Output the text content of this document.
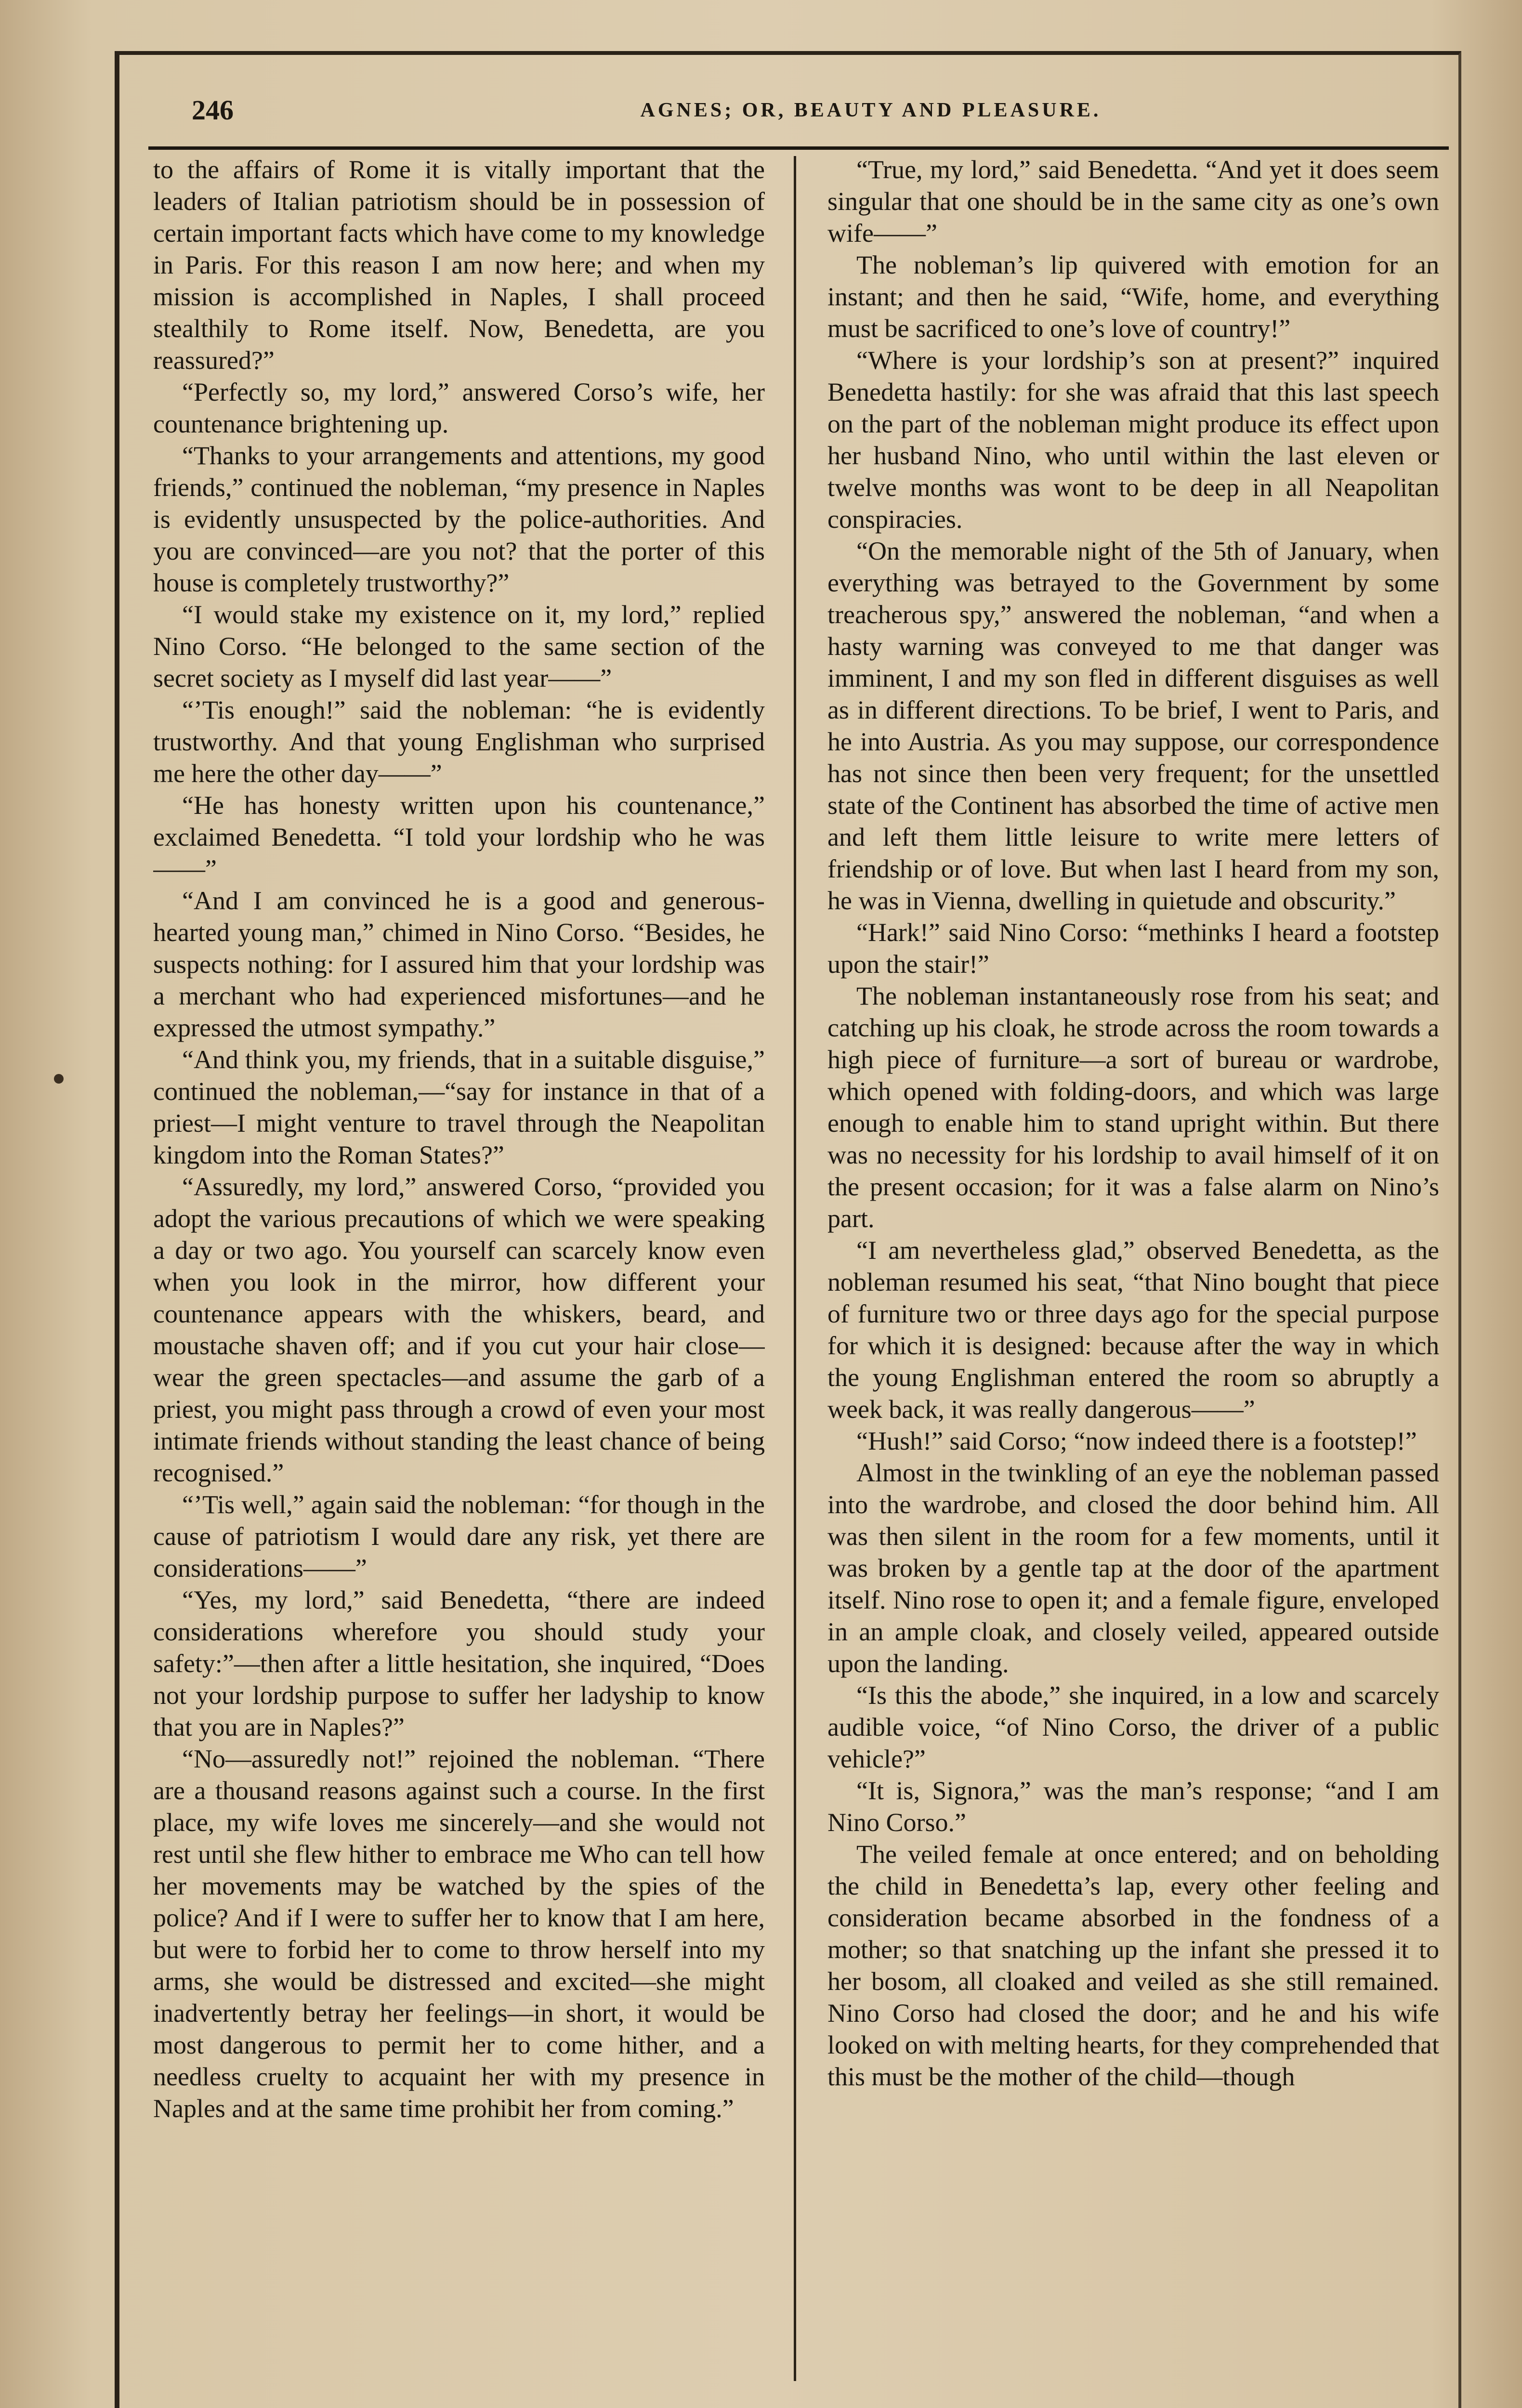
246	AGNES; OR, BEAUTY AND PLEASURE.

to the affairs of Rome it is vitally important that the leaders of Italian patriotism should be in possession of certain important facts which have come to my knowledge in Paris. For this reason I am now here; and when my mission is accomplished in Naples, I shall proceed stealthily to Rome itself. Now, Benedetta, are you reassured?”

“Perfectly so, my lord,” answered Corso’s wife, her countenance brightening up.

“Thanks to your arrangements and attentions, my good friends,” continued the nobleman, “my presence in Naples is evidently unsuspected by the police-authorities. And you are convinced—are you not? that the porter of this house is completely trustworthy?”

“I would stake my existence on it, my lord,” replied Nino Corso. “He belonged to the same section of the secret society as I myself did last year——”

“’Tis enough!” said the nobleman: “he is evidently trustworthy. And that young Englishman who surprised me here the other day——”

“He has honesty written upon his countenance,” exclaimed Benedetta. “I told your lordship who he was——”

“And I am convinced he is a good and generous-hearted young man,” chimed in Nino Corso. “Besides, he suspects nothing: for I assured him that your lordship was a merchant who had experienced misfortunes—and he expressed the utmost sympathy.”

“And think you, my friends, that in a suitable disguise,” continued the nobleman,—“say for instance in that of a priest—I might venture to travel through the Neapolitan kingdom into the Roman States?”

“Assuredly, my lord,” answered Corso, “provided you adopt the various precautions of which we were speaking a day or two ago. You yourself can scarcely know even when you look in the mirror, how different your countenance appears with the whiskers, beard, and moustache shaven off; and if you cut your hair close—wear the green spectacles—and assume the garb of a priest, you might pass through a crowd of even your most intimate friends without standing the least chance of being recognised.”

“’Tis well,” again said the nobleman: “for though in the cause of patriotism I would dare any risk, yet there are considerations——”

“Yes, my lord,” said Benedetta, “there are indeed considerations wherefore you should study your safety:”—then after a little hesitation, she inquired, “Does not your lordship purpose to suffer her ladyship to know that you are in Naples?”

“No—assuredly not!” rejoined the nobleman. “There are a thousand reasons against such a course. In the first place, my wife loves me sincerely—and she would not rest until she flew hither to embrace me Who can tell how her movements may be watched by the spies of the police? And if I were to suffer her to know that I am here, but were to forbid her to come to throw herself into my arms, she would be distressed and excited—she might inadvertently betray her feelings—in short, it would be most dangerous to permit her to come hither, and a needless cruelty to acquaint her with my presence in Naples and at the same time prohibit her from coming.”

“True, my lord,” said Benedetta. “And yet it does seem singular that one should be in the same city as one’s own wife——”

The nobleman’s lip quivered with emotion for an instant; and then he said, “Wife, home, and everything must be sacrificed to one’s love of country!”

“Where is your lordship’s son at present?” inquired Benedetta hastily: for she was afraid that this last speech on the part of the nobleman might produce its effect upon her husband Nino, who until within the last eleven or twelve months was wont to be deep in all Neapolitan conspiracies.

“On the memorable night of the 5th of January, when everything was betrayed to the Government by some treacherous spy,” answered the nobleman, “and when a hasty warning was conveyed to me that danger was imminent, I and my son fled in different disguises as well as in different directions. To be brief, I went to Paris, and he into Austria. As you may suppose, our correspondence has not since then been very frequent; for the unsettled state of the Continent has absorbed the time of active men and left them little leisure to write mere letters of friendship or of love. But when last I heard from my son, he was in Vienna, dwelling in quietude and obscurity.”

“Hark!” said Nino Corso: “methinks I heard a footstep upon the stair!”

The nobleman instantaneously rose from his seat; and catching up his cloak, he strode across the room towards a high piece of furniture—a sort of bureau or wardrobe, which opened with folding-doors, and which was large enough to enable him to stand upright within. But there was no necessity for his lordship to avail himself of it on the present occasion; for it was a false alarm on Nino’s part.

“I am nevertheless glad,” observed Benedetta, as the nobleman resumed his seat, “that Nino bought that piece of furniture two or three days ago for the special purpose for which it is designed: because after the way in which the young Englishman entered the room so abruptly a week back, it was really dangerous——”

“Hush!” said Corso; “now indeed there is a footstep!”

Almost in the twinkling of an eye the nobleman passed into the wardrobe, and closed the door behind him. All was then silent in the room for a few moments, until it was broken by a gentle tap at the door of the apartment itself. Nino rose to open it; and a female figure, enveloped in an ample cloak, and closely veiled, appeared outside upon the landing.

“Is this the abode,” she inquired, in a low and scarcely audible voice, “of Nino Corso, the driver of a public vehicle?”

“It is, Signora,” was the man’s response; “and I am Nino Corso.”

The veiled female at once entered; and on beholding the child in Benedetta’s lap, every other feeling and consideration became absorbed in the fondness of a mother; so that snatching up the infant she pressed it to her bosom, all cloaked and veiled as she still remained. Nino Corso had closed the door; and he and his wife looked on with melting hearts, for they comprehended that this must be the mother of the child—though
